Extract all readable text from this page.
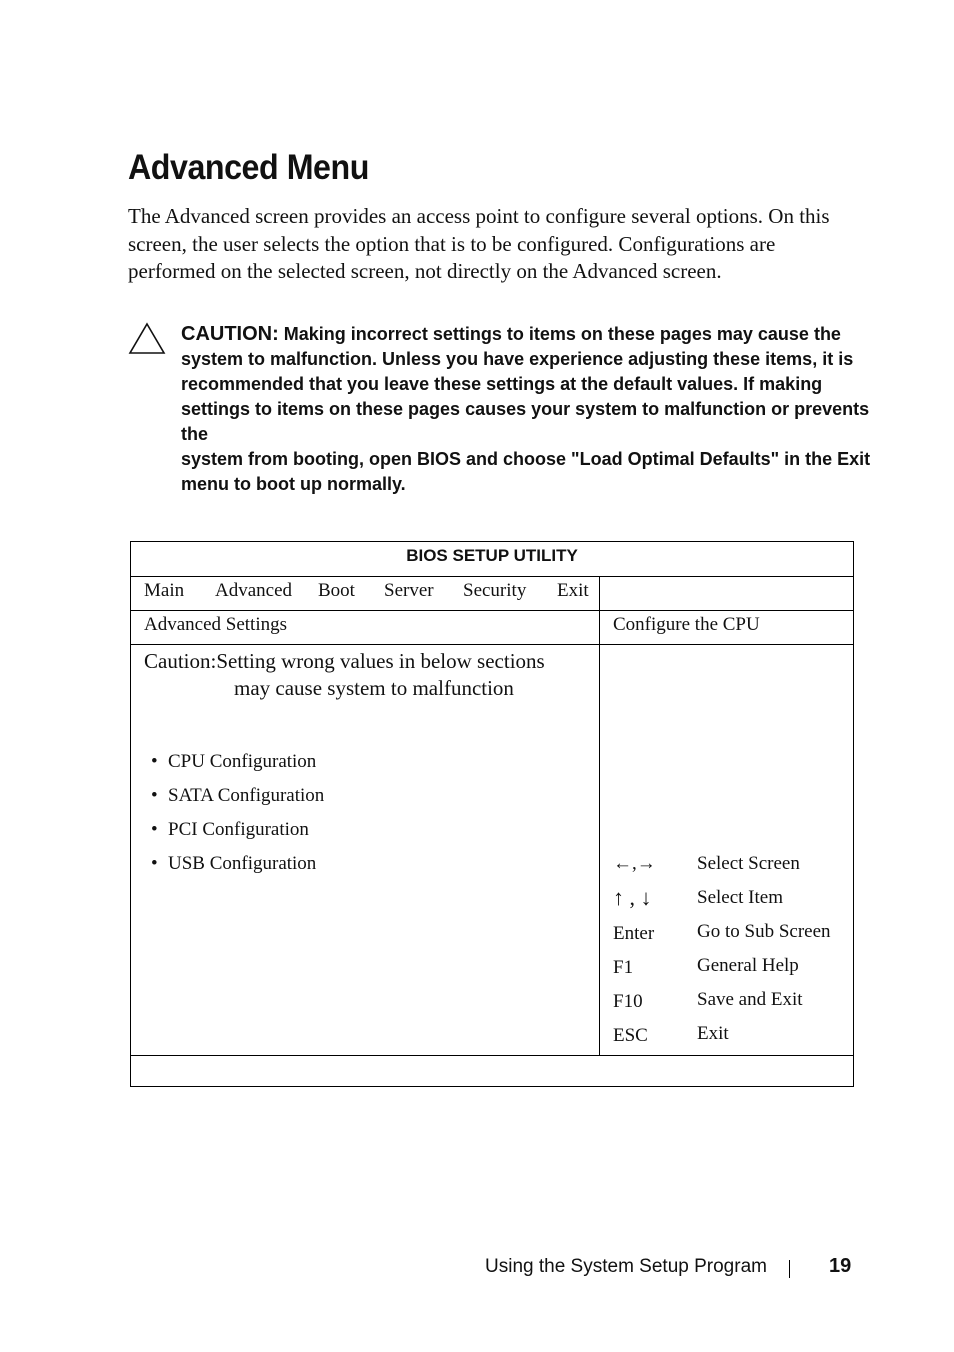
Advanced Menu

The Advanced screen provides an access point to configure several options. On this screen, the user selects the option that is to be configured. Configurations are performed on the selected screen, not directly on the Advanced screen.

CAUTION: Making incorrect settings to items on these pages may cause the
system to malfunction. Unless you have experience adjusting these items, it is
recommended that you leave these settings at the default values. If making
settings to items on these pages causes your system to malfunction or prevents the
system from booting, open BIOS and choose "Load Optimal Defaults" in the Exit
menu to boot up normally.
BIOS SETUP UTILITY
Main Advanced Boot Server Security Exit
Advanced Settings	Configure the CPU
Caution:Setting wrong values in below sections
may cause system to malfunction
• CPU Configuration
• SATA Configuration
• PCI Configuration
• USB Configuration	←,→ Select Screen
↑ , ↓ Select Item
Enter Go to Sub Screen
F1	General Help
F10	Save and Exit
ESC	Exit
Using the System Setup Program	19
